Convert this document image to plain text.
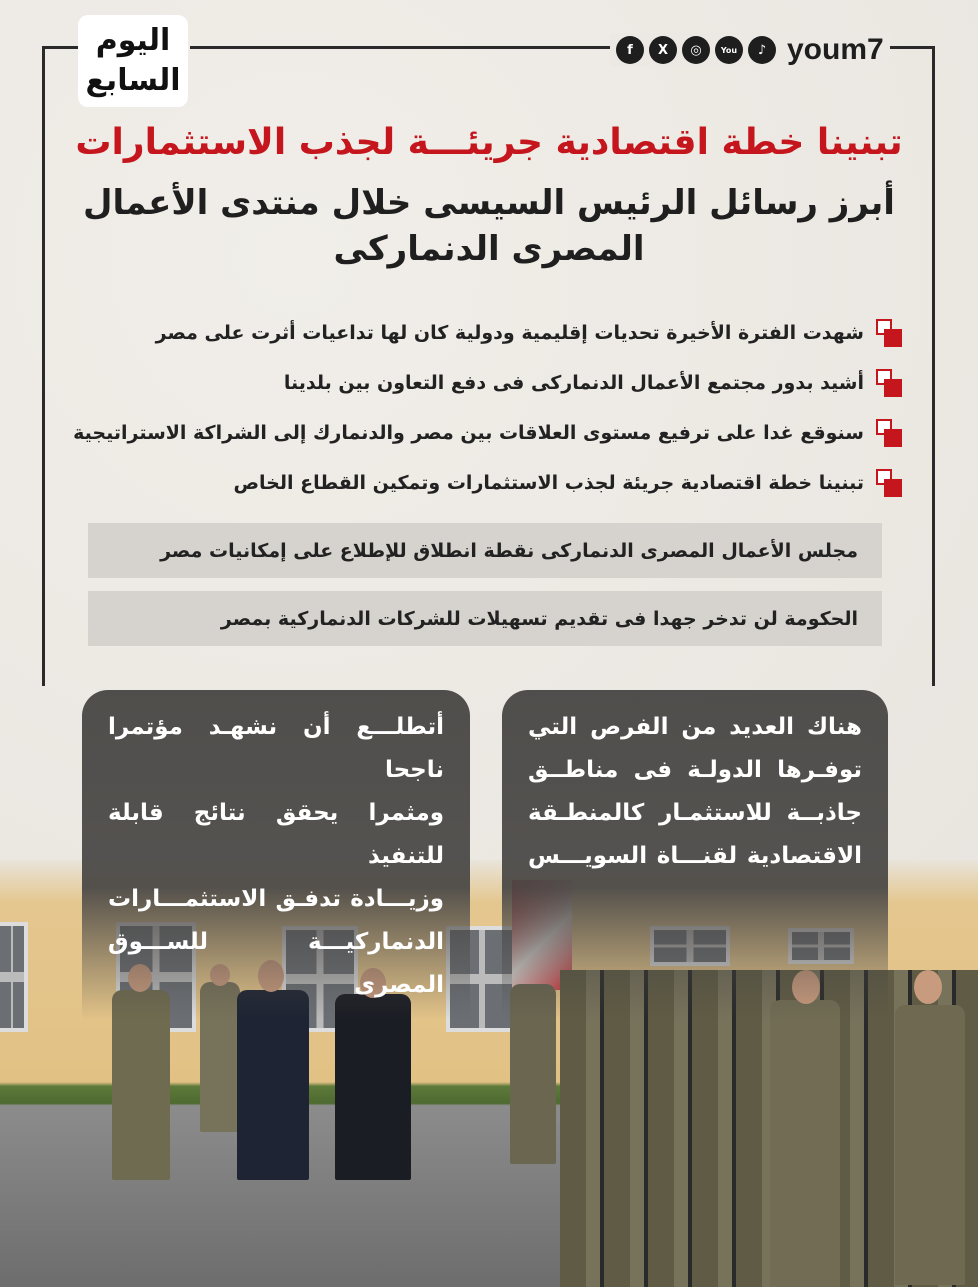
اليوم
السابع
f	X	◎	You	♪ youm7
تبنينا خطة اقتصادية جريئـــة لجذب الاستثمارات
أبرز رسائل الرئيس السيسى خلال منتدى الأعمال
المصرى الدنماركى
شهدت الفترة الأخيرة تحديات إقليمية ودولية كان لها تداعيات أثرت على مصر
أشيد بدور مجتمع الأعمال الدنماركى فى دفع التعاون بين بلدينا
سنوقع غدا على ترفيع مستوى العلاقات بين مصر والدنمارك إلى الشراكة الاستراتيجية
تبنينا خطة اقتصادية جريئة لجذب الاستثمارات وتمكين القطاع الخاص
مجلس الأعمال المصرى الدنماركى نقطة انطلاق للإطلاع على إمكانيات مصر
الحكومة لن تدخر جهدا فى تقديم تسهيلات للشركات الدنماركية بمصر
أتطلـــع أن نشهـد مؤتمرا ناجحا
ومثمرا يحقق نتائج قابلة للتنفيذ
وزيـــادة تدفـق الاستثمـــارات
الدنماركيـــة للســـوق المصرى
هناك العديد من الفرص التي
توفـرها الدولـة فى مناطــق
جاذبــة للاستثمـار كالمنطـقة
الاقتصادية لقنـــاة السويـــس
